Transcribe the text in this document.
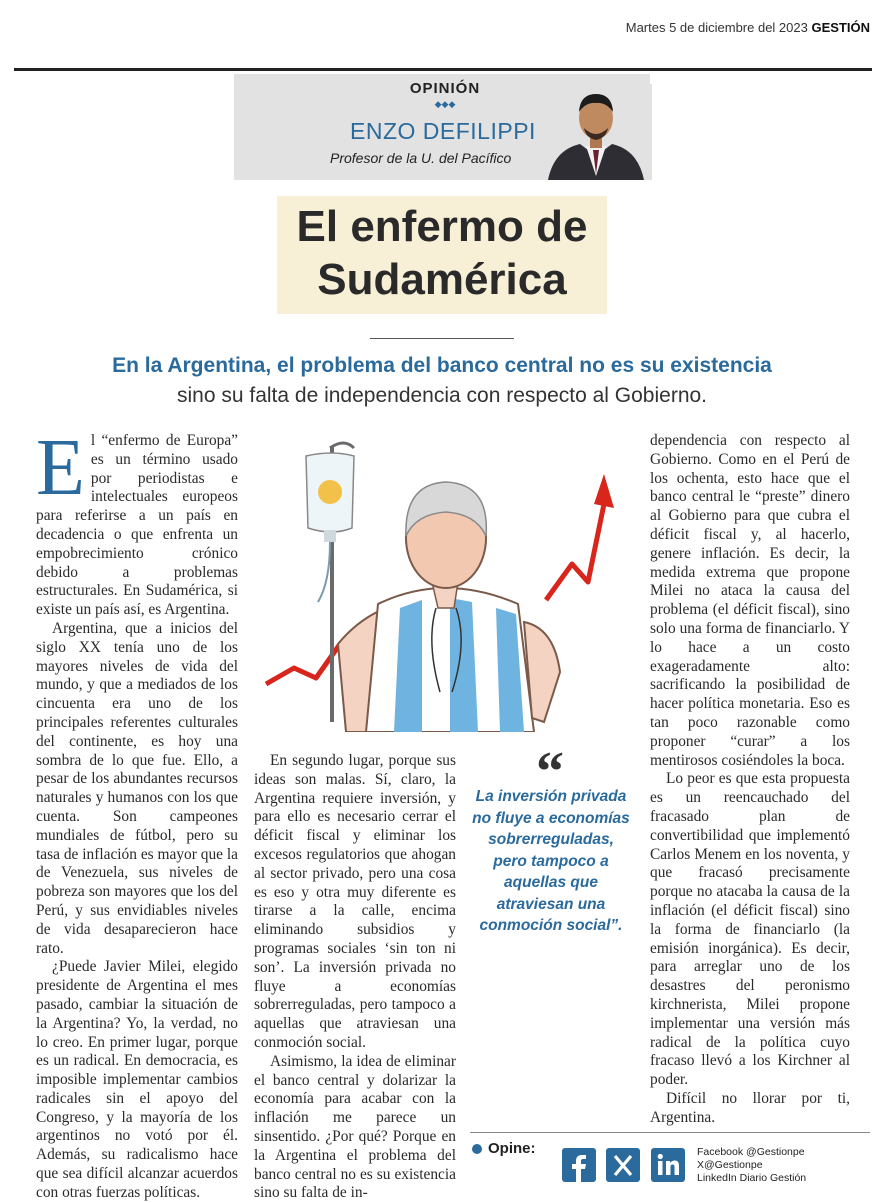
Martes 5 de diciembre del 2023 GESTIÓN
OPINIÓN
◆◆◆
ENZO DEFILIPPI
Profesor de la U. del Pacífico
El enfermo de
Sudamérica
En la Argentina, el problema del banco central no es su existencia
sino su falta de independencia con respecto al Gobierno.

El “enfermo de Europa” es un término usado por periodistas e intelectuales europeos para referirse a un país en decadencia o que enfrenta un empobrecimiento crónico debido a problemas estructurales. En Sudamérica, si existe un país así, es Argentina.

Argentina, que a inicios del siglo XX tenía uno de los mayores niveles de vida del mundo, y que a mediados de los cincuenta era uno de los principales referentes culturales del continente, es hoy una sombra de lo que fue. Ello, a pesar de los abundantes recursos naturales y humanos con los que cuenta. Son campeones mundiales de fútbol, pero su tasa de inflación es mayor que la de Venezuela, sus niveles de pobreza son mayores que los del Perú, y sus envidiables niveles de vida desaparecieron hace rato.

¿Puede Javier Milei, elegido presidente de Argentina el mes pasado, cambiar la situación de la Argentina? Yo, la verdad, no lo creo. En primer lugar, porque es un radical. En democracia, es imposible implementar cambios radicales sin el apoyo del Congreso, y la mayoría de los argentinos no votó por él. Además, su radicalismo hace que sea difícil alcanzar acuerdos con otras fuerzas políticas.

En segundo lugar, porque sus ideas son malas. Sí, claro, la Argentina requiere inversión, y para ello es necesario cerrar el déficit fiscal y eliminar los excesos regulatorios que ahogan al sector privado, pero una cosa es eso y otra muy diferente es tirarse a la calle, encima eliminando subsidios y programas sociales ‘sin ton ni son’. La inversión privada no fluye a economías sobrerreguladas, pero tampoco a aquellas que atraviesan una conmoción social.

Asimismo, la idea de eliminar el banco central y dolarizar la economía para acabar con la inflación me parece un sinsentido. ¿Por qué? Porque en la Argentina el problema del banco central no es su existencia sino su falta de in-

“
La inversión privada no fluye a economías sobrerreguladas, pero tampoco a aquellas que atraviesan una conmoción social”.

dependencia con respecto al Gobierno. Como en el Perú de los ochenta, esto hace que el banco central le “preste” dinero al Gobierno para que cubra el déficit fiscal y, al hacerlo, genere inflación. Es decir, la medida extrema que propone Milei no ataca la causa del problema (el déficit fiscal), sino solo una forma de financiarlo. Y lo hace a un costo exageradamente alto: sacrificando la posibilidad de hacer política monetaria. Eso es tan poco razonable como proponer “curar” a los mentirosos cosiéndoles la boca.

Lo peor es que esta propuesta es un reencauchado del fracasado plan de convertibilidad que implementó Carlos Menem en los noventa, y que fracasó precisamente porque no atacaba la causa de la inflación (el déficit fiscal) sino la forma de financiarlo (la emisión inorgánica). Es decir, para arreglar uno de los desastres del peronismo kirchnerista, Milei propone implementar una versión más radical de la política cuyo fracaso llevó a los Kirchner al poder.

Difícil no llorar por ti, Argentina.

Opine:	Facebook @Gestionpe
X@Gestionpe
LinkedIn Diario Gestión
